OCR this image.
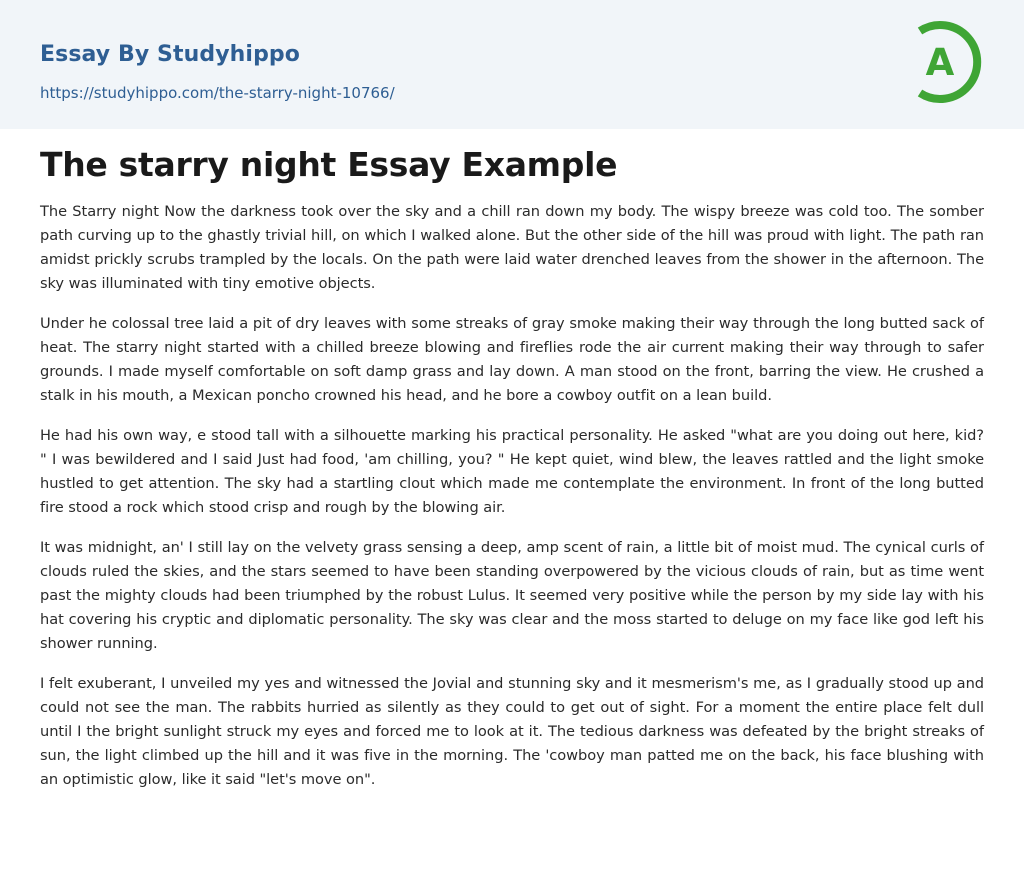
Essay By Studyhippo
https://studyhippo.com/the-starry-night-10766/
A
The starry night Essay Example

The Starry night Now the darkness took over the sky and a chill ran down my body. The wispy breeze was cold too. The somber path curving up to the ghastly trivial hill, on which I walked alone. But the other side of the hill was proud with light. The path ran amidst prickly scrubs trampled by the locals. On the path were laid water drenched leaves from the shower in the afternoon. The sky was illuminated with tiny emotive objects.

Under he colossal tree laid a pit of dry leaves with some streaks of gray smoke making their way through the long butted sack of heat. The starry night started with a chilled breeze blowing and fireflies rode the air current making their way through to safer grounds. I made myself comfortable on soft damp grass and lay down. A man stood on the front, barring the view. He crushed a stalk in his mouth, a Mexican poncho crowned his head, and he bore a cowboy outfit on a lean build.

He had his own way, e stood tall with a silhouette marking his practical personality. He asked "what are you doing out here, kid? " I was bewildered and I said Just had food, 'am chilling, you? " He kept quiet, wind blew, the leaves rattled and the light smoke hustled to get attention. The sky had a startling clout which made me contemplate the environment. In front of the long butted fire stood a rock which stood crisp and rough by the blowing air.

It was midnight, an' I still lay on the velvety grass sensing a deep, amp scent of rain, a little bit of moist mud. The cynical curls of clouds ruled the skies, and the stars seemed to have been standing overpowered by the vicious clouds of rain, but as time went past the mighty clouds had been triumphed by the robust Lulus. It seemed very positive while the person by my side lay with his hat covering his cryptic and diplomatic personality. The sky was clear and the moss started to deluge on my face like god left his shower running.

I felt exuberant, I unveiled my yes and witnessed the Jovial and stunning sky and it mesmerism's me, as I gradually stood up and could not see the man. The rabbits hurried as silently as they could to get out of sight. For a moment the entire place felt dull until I the bright sunlight struck my eyes and forced me to look at it. The tedious darkness was defeated by the bright streaks of sun, the light climbed up the hill and it was five in the morning. The 'cowboy man patted me on the back, his face blushing with an optimistic glow, like it said "let's move on".
